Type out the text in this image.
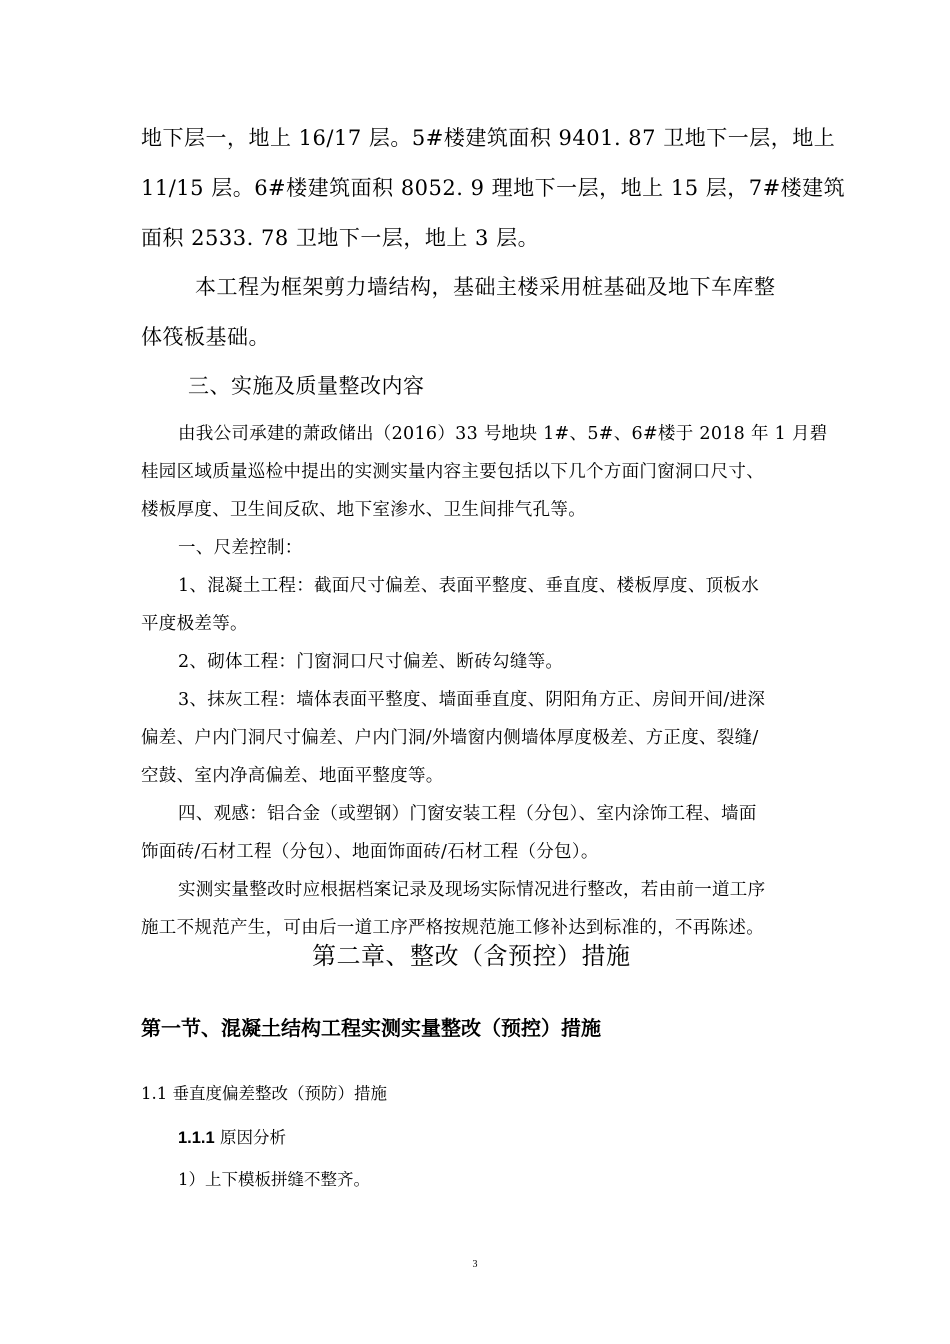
地下层一，地上 16/17 层。5#楼建筑面积 9401. 87 卫地下一层，地上
11/15 层。6#楼建筑面积 8052. 9 理地下一层，地上 15 层，7#楼建筑
面积 2533. 78 卫地下一层，地上 3 层。
本工程为框架剪力墙结构，基础主楼采用桩基础及地下车库整
体筏板基础。
三、实施及质量整改内容
由我公司承建的萧政储出（2016）33 号地块 1#、5#、6#楼于 2018 年 1 月碧
桂园区域质量巡检中提出的实测实量内容主要包括以下几个方面门窗洞口尺寸、
楼板厚度、卫生间反砍、地下室渗水、卫生间排气孔等。
一、尺差控制：
1、混凝土工程：截面尺寸偏差、表面平整度、垂直度、楼板厚度、顶板水
平度极差等。
2、砌体工程：门窗洞口尺寸偏差、断砖勾缝等。
3、抹灰工程：墙体表面平整度、墙面垂直度、阴阳角方正、房间开间/进深
偏差、户内门洞尺寸偏差、户内门洞/外墙窗内侧墙体厚度极差、方正度、裂缝/
空鼓、室内净高偏差、地面平整度等。
四、观感：铝合金（或塑钢）门窗安装工程（分包）、室内涂饰工程、墙面
饰面砖/石材工程（分包）、地面饰面砖/石材工程（分包）。
实测实量整改时应根据档案记录及现场实际情况进行整改，若由前一道工序
施工不规范产生，可由后一道工序严格按规范施工修补达到标准的，不再陈述。
第二章、整改（含预控）措施
第一节、混凝土结构工程实测实量整改（预控）措施
1.1 垂直度偏差整改（预防）措施
1.1.1 原因分析
1）上下模板拼缝不整齐。
3
